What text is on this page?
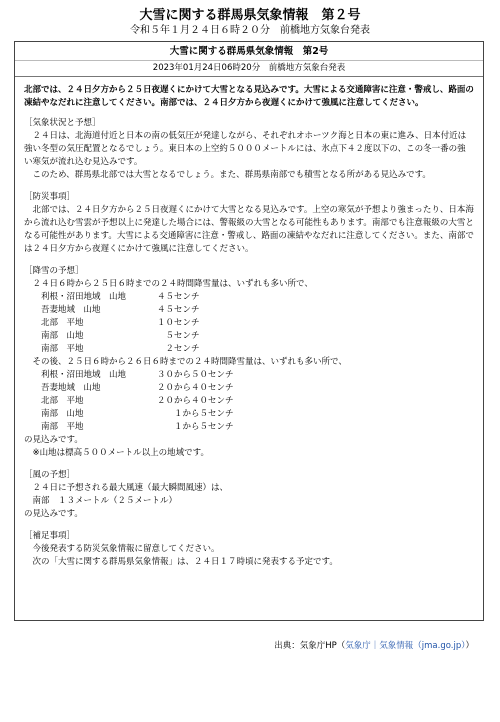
大雪に関する群馬県気象情報　第２号
令和５年１月２４日６時２０分　前橋地方気象台発表
大雪に関する群馬県気象情報　第2号
2023年01月24日06時20分　前橋地方気象台発表

北部では、２４日夕方から２５日夜遅くにかけて大雪となる見込みです。大雪による交通障害に注意・警戒し、路面の凍結やなだれに注意してください。南部では、２４日夕方から夜遅くにかけて強風に注意してください。

［気象状況と予想］

２４日は、北海道付近と日本の南の低気圧が発達しながら、それぞれオホーツク海と日本の東に進み、日本付近は強い冬型の気圧配置となるでしょう。東日本の上空約５０００メートルには、氷点下４２度以下の、この冬一番の強い寒気が流れ込む見込みです。

このため、群馬県北部では大雪となるでしょう。また、群馬県南部でも積雪となる所がある見込みです。

［防災事項］

北部では、２４日夕方から２５日夜遅くにかけて大雪となる見込みです。上空の寒気が予想より強まったり、日本海から流れ込む雪雲が予想以上に発達した場合には、警報級の大雪となる可能性もあります。南部でも注意報級の大雪となる可能性があります。大雪による交通障害に注意・警戒し、路面の凍結やなだれに注意してください。また、南部では２４日夕方から夜遅くにかけて強風に注意してください。

［降雪の予想］

２４日６時から２５日６時までの２４時間降雪量は、いずれも多い所で、

利根・沼田地域　山地	４５センチ
吾妻地域　山地	４５センチ
北部　平地	１０センチ
南部　山地	　５センチ
南部　平地	　２センチ

その後、２５日６時から２６日６時までの２４時間降雪量は、いずれも多い所で、

利根・沼田地域　山地	３０から５０センチ
吾妻地域　山地	２０から４０センチ
北部　平地	２０から４０センチ
南部　山地	　　１から５センチ
南部　平地	　　１から５センチ

の見込みです。

※山地は標高５００メートル以上の地域です。

［風の予想］

２４日に予想される最大風速（最大瞬間風速）は、

南部　１３メートル（２５メートル）

の見込みです。

［補足事項］

今後発表する防災気象情報に留意してください。

次の「大雪に関する群馬県気象情報」は、２４日１７時頃に発表する予定です。

出典：気象庁HP（気象庁｜気象情報（jma.go.jp））
